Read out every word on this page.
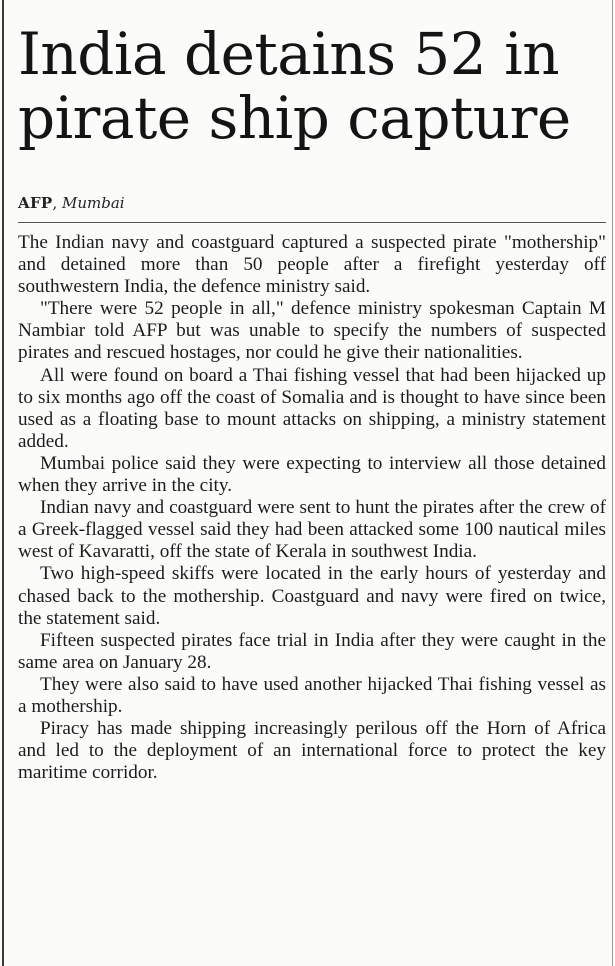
India detains 52 in pirate ship capture
AFP, Mumbai

The Indian navy and coastguard captured a suspected pirate "mothership" and detained more than 50 people after a firefight yesterday off southwestern India, the defence ministry said.

"There were 52 people in all," defence ministry spokesman Captain M Nambiar told AFP but was unable to specify the numbers of suspected pirates and rescued hostages, nor could he give their nationalities.

All were found on board a Thai fishing vessel that had been hijacked up to six months ago off the coast of Somalia and is thought to have since been used as a floating base to mount attacks on shipping, a ministry statement added.

Mumbai police said they were expecting to interview all those detained when they arrive in the city.

Indian navy and coastguard were sent to hunt the pirates after the crew of a Greek-flagged vessel said they had been attacked some 100 nautical miles west of Kavaratti, off the state of Kerala in southwest India.

Two high-speed skiffs were located in the early hours of yesterday and chased back to the mothership. Coastguard and navy were fired on twice, the statement said.

Fifteen suspected pirates face trial in India after they were caught in the same area on January 28.

They were also said to have used another hijacked Thai fishing vessel as a mothership.

Piracy has made shipping increasingly perilous off the Horn of Africa and led to the deployment of an international force to protect the key maritime corridor.
